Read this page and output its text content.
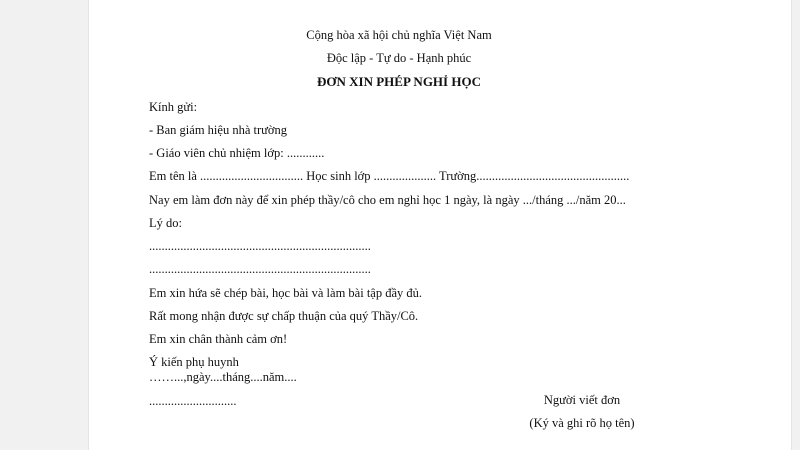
Cộng hòa xã hội chủ nghĩa Việt Nam
Độc lập - Tự do - Hạnh phúc
ĐƠN XIN PHÉP NGHỈ HỌC
Kính gửi:
- Ban giám hiệu nhà trường
- Giáo viên chủ nhiệm lớp: ............
Em tên là ................................. Học sinh lớp .................... Trường.................................................
Nay em làm đơn này để xin phép thầy/cô cho em nghỉ học 1 ngày, là ngày .../tháng .../năm 20...
Lý do:
.......................................................................
.......................................................................
Em xin hứa sẽ chép bài, học bài và làm bài tập đầy đủ.
Rất mong nhận được sự chấp thuận của quý Thầy/Cô.
Em xin chân thành cảm ơn!
Ý kiến phụ huynh
……...,ngày....tháng....năm....
............................	Người viết đơn
(Ký và ghi rõ họ tên)
